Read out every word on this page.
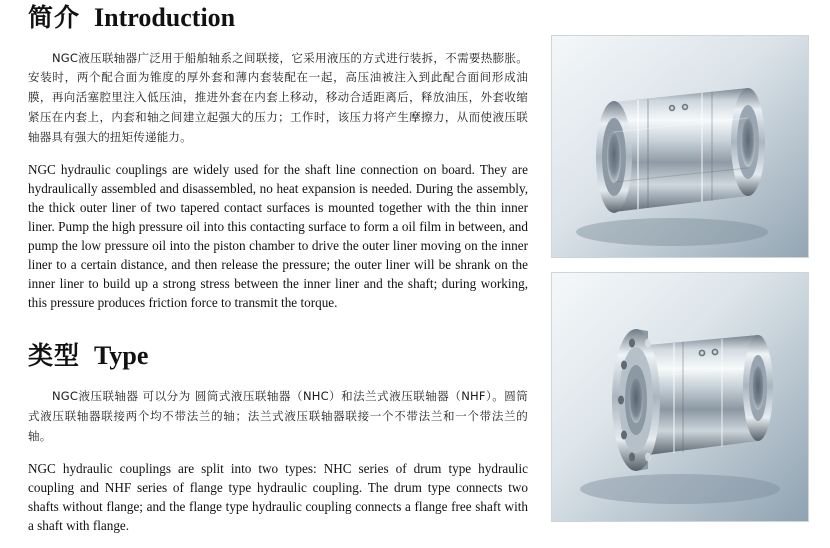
简介 Introduction

NGC液压联轴器广泛用于船舶轴系之间联接，它采用液压的方式进行装拆，不需要热膨胀。安装时，两个配合面为锥度的厚外套和薄内套装配在一起，高压油被注入到此配合面间形成油膜，再向活塞腔里注入低压油，推进外套在内套上移动，移动合适距离后，释放油压，外套收缩紧压在内套上，内套和轴之间建立起强大的压力；工作时，该压力将产生摩擦力，从而使液压联轴器具有强大的扭矩传递能力。

NGC hydraulic couplings are widely used for the shaft line connection on board. They are hydraulically assembled and disassembled, no heat expansion is needed. During the assembly, the thick outer liner of two tapered contact surfaces is mounted together with the thin inner liner. Pump the high pressure oil into this contacting surface to form a oil film in between, and pump the low pressure oil into the piston chamber to drive the outer liner moving on the inner liner to a certain distance, and then release the pressure; the outer liner will be shrank on the inner liner to build up a strong stress between the inner liner and the shaft; during working, this pressure produces friction force to transmit the torque.

类型 Type

NGC液压联轴器 可以分为 圆筒式液压联轴器（NHC）和法兰式液压联轴器（NHF）。圆筒式液压联轴器联接两个均不带法兰的轴；法兰式液压联轴器联接一个不带法兰和一个带法兰的轴。

NGC hydraulic couplings are split into two types: NHC series of drum type hydraulic coupling and NHF series of flange type hydraulic coupling. The drum type connects two shafts without flange; and the flange type hydraulic coupling connects a flange free shaft with a shaft with flange.
